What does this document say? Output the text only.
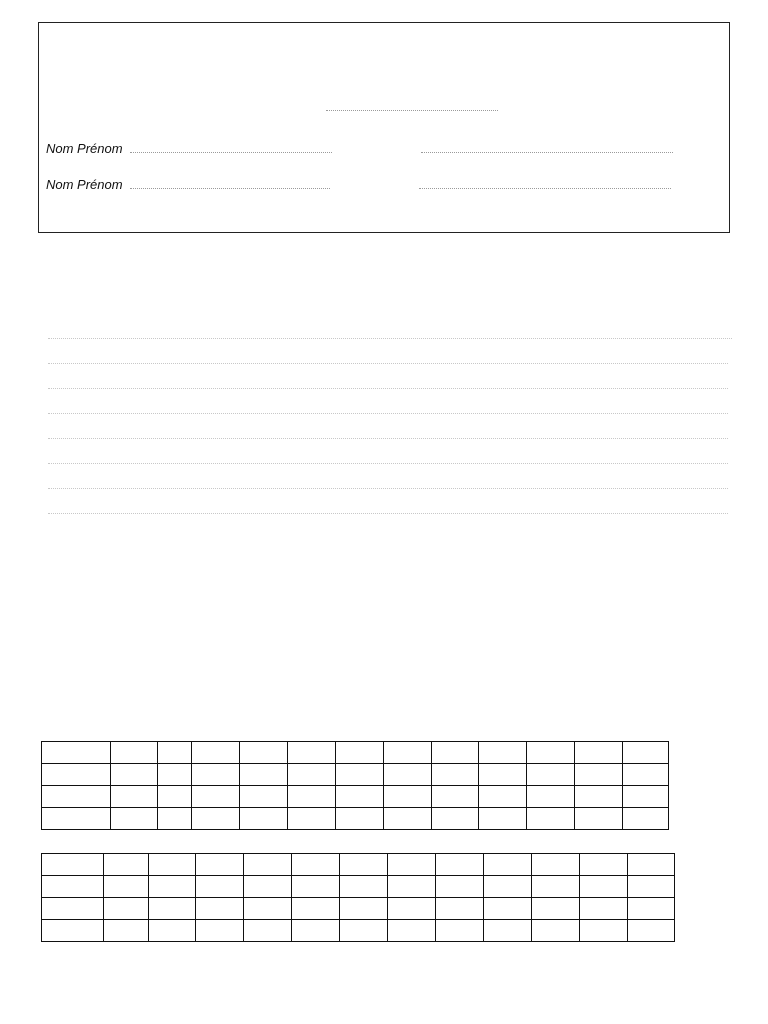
Nom Prénom
Nom Prénom
